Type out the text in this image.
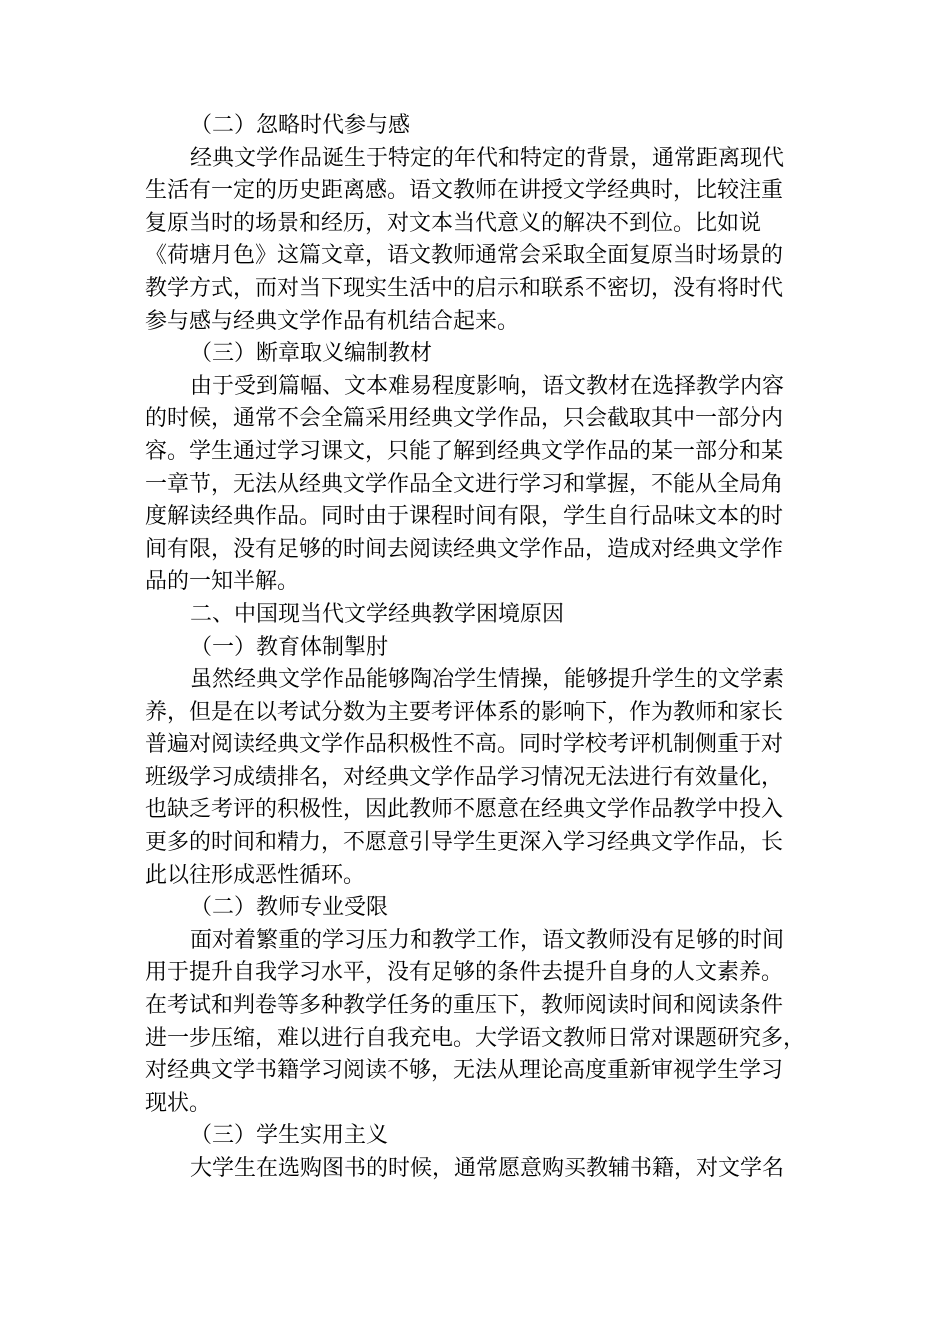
（二）忽略时代参与感
经典文学作品诞生于特定的年代和特定的背景，通常距离现代
生活有一定的历史距离感。语文教师在讲授文学经典时，比较注重
复原当时的场景和经历，对文本当代意义的解决不到位。比如说
《荷塘月色》这篇文章，语文教师通常会采取全面复原当时场景的
教学方式，而对当下现实生活中的启示和联系不密切，没有将时代
参与感与经典文学作品有机结合起来。
（三）断章取义编制教材
由于受到篇幅、文本难易程度影响，语文教材在选择教学内容
的时候，通常不会全篇采用经典文学作品，只会截取其中一部分内
容。学生通过学习课文，只能了解到经典文学作品的某一部分和某
一章节，无法从经典文学作品全文进行学习和掌握，不能从全局角
度解读经典作品。同时由于课程时间有限，学生自行品味文本的时
间有限，没有足够的时间去阅读经典文学作品，造成对经典文学作
品的一知半解。
二、中国现当代文学经典教学困境原因
（一）教育体制掣肘
虽然经典文学作品能够陶冶学生情操，能够提升学生的文学素
养，但是在以考试分数为主要考评体系的影响下，作为教师和家长
普遍对阅读经典文学作品积极性不高。同时学校考评机制侧重于对
班级学习成绩排名，对经典文学作品学习情况无法进行有效量化，
也缺乏考评的积极性，因此教师不愿意在经典文学作品教学中投入
更多的时间和精力，不愿意引导学生更深入学习经典文学作品，长
此以往形成恶性循环。
（二）教师专业受限
面对着繁重的学习压力和教学工作，语文教师没有足够的时间
用于提升自我学习水平，没有足够的条件去提升自身的人文素养。
在考试和判卷等多种教学任务的重压下，教师阅读时间和阅读条件
进一步压缩，难以进行自我充电。大学语文教师日常对课题研究多，
对经典文学书籍学习阅读不够，无法从理论高度重新审视学生学习
现状。
（三）学生实用主义
大学生在选购图书的时候，通常愿意购买教辅书籍，对文学名
